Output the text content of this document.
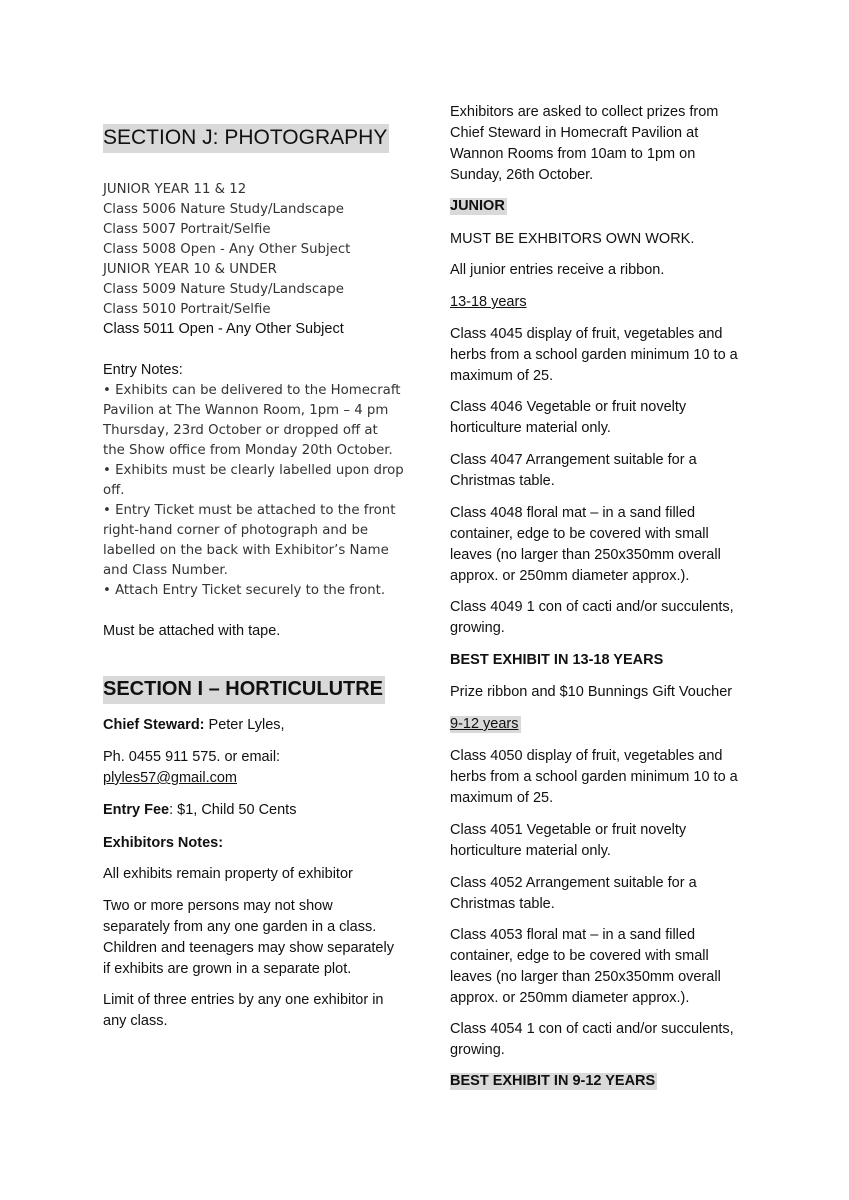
SECTION J: PHOTOGRAPHY
JUNIOR YEAR 11 & 12
Class 5006 Nature Study/Landscape
Class 5007 Portrait/Selfie
Class 5008 Open - Any Other Subject
JUNIOR YEAR 10 & UNDER
Class 5009 Nature Study/Landscape
Class 5010 Portrait/Selfie
Class 5011 Open - Any Other Subject
Entry Notes:
• Exhibits can be delivered to the Homecraft
Pavilion at The Wannon Room, 1pm – 4 pm
Thursday, 23rd October or dropped off at
the Show office from Monday 20th October.
• Exhibits must be clearly labelled upon drop
off.
• Entry Ticket must be attached to the front
right-hand corner of photograph and be
labelled on the back with Exhibitor’s Name
and Class Number.
• Attach Entry Ticket securely to the front.
Must be attached with tape.
SECTION I – HORTICULUTRE
Chief Steward: Peter Lyles,
Ph. 0455 911 575. or email:
plyles57@gmail.com
Entry Fee: $1, Child 50 Cents
Exhibitors Notes:
All exhibits remain property of exhibitor
Two or more persons may not show
separately from any one garden in a class.
Children and teenagers may show separately
if exhibits are grown in a separate plot.
Limit of three entries by any one exhibitor in
any class.
Exhibitors are asked to collect prizes from
Chief Steward in Homecraft Pavilion at
Wannon Rooms from 10am to 1pm on
Sunday, 26th October.
JUNIOR
MUST BE EXHBITORS OWN WORK.
All junior entries receive a ribbon.
13-18 years
Class 4045 display of fruit, vegetables and
herbs from a school garden minimum 10 to a
maximum of 25.
Class 4046 Vegetable or fruit novelty
horticulture material only.
Class 4047 Arrangement suitable for a
Christmas table.
Class 4048 floral mat – in a sand filled
container, edge to be covered with small
leaves (no larger than 250x350mm overall
approx. or 250mm diameter approx.).
Class 4049 1 con of cacti and/or succulents,
growing.
BEST EXHIBIT IN 13-18 YEARS
Prize ribbon and $10 Bunnings Gift Voucher
9-12 years
Class 4050 display of fruit, vegetables and
herbs from a school garden minimum 10 to a
maximum of 25.
Class 4051 Vegetable or fruit novelty
horticulture material only.
Class 4052 Arrangement suitable for a
Christmas table.
Class 4053 floral mat – in a sand filled
container, edge to be covered with small
leaves (no larger than 250x350mm overall
approx. or 250mm diameter approx.).
Class 4054 1 con of cacti and/or succulents,
growing.
BEST EXHIBIT IN 9-12 YEARS
